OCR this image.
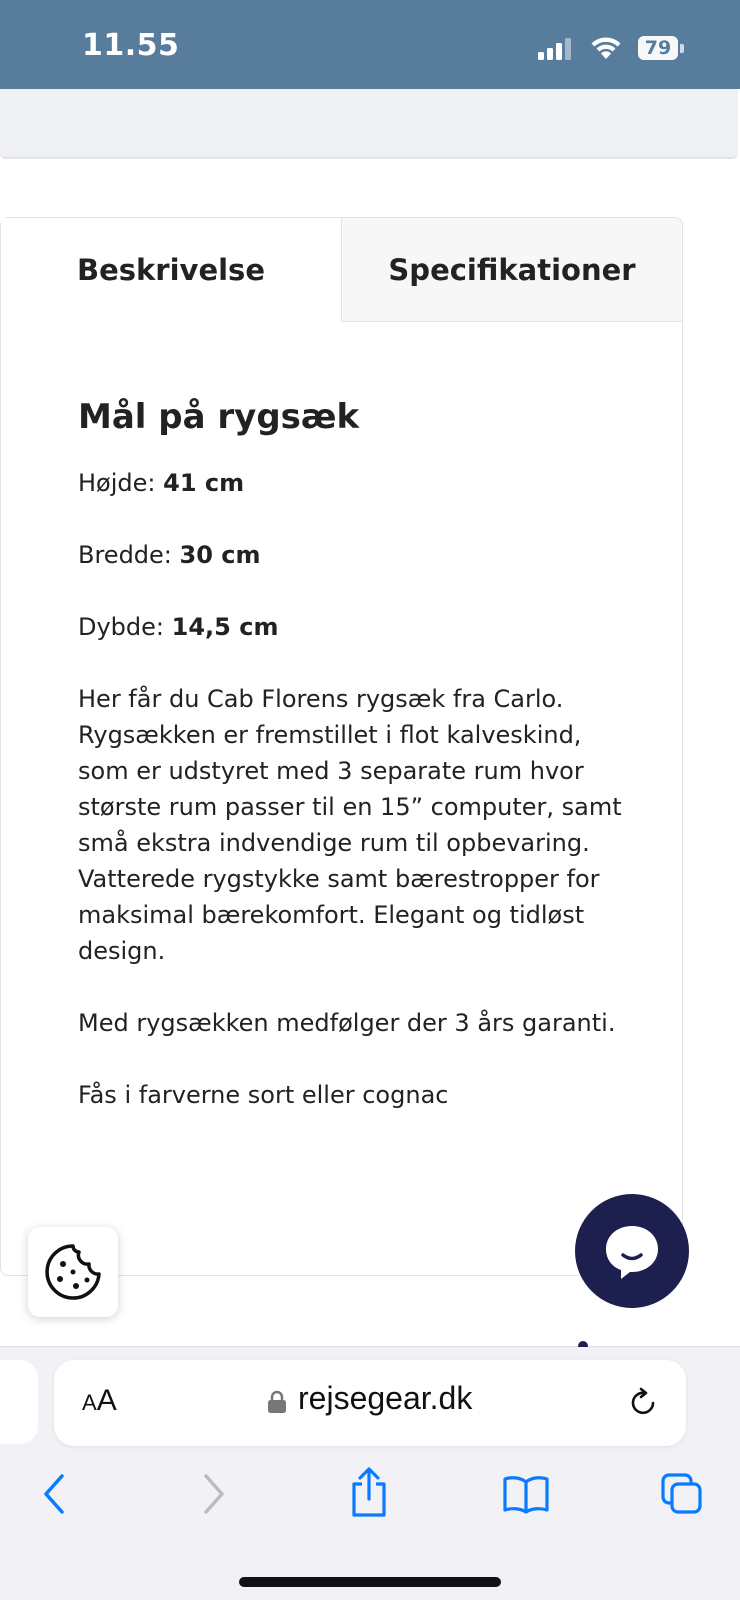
11.55	79
Beskrivelse	Specifikationer
Mål på rygsæk

Højde: 41 cm

Bredde: 30 cm

Dybde: 14,5 cm

Her får du Cab Florens rygsæk fra Carlo. Rygsækken er fremstillet i flot kalveskind, som er udstyret med 3 separate rum hvor største rum passer til en 15” computer, samt små ekstra indvendige rum til opbevaring. Vatterede rygstykke samt bærestropper for maksimal bærekomfort. Elegant og tidløst design.

Med rygsækken medfølger der 3 års garanti.

Fås i farverne sort eller cognac

AA	rejsegear.dk
